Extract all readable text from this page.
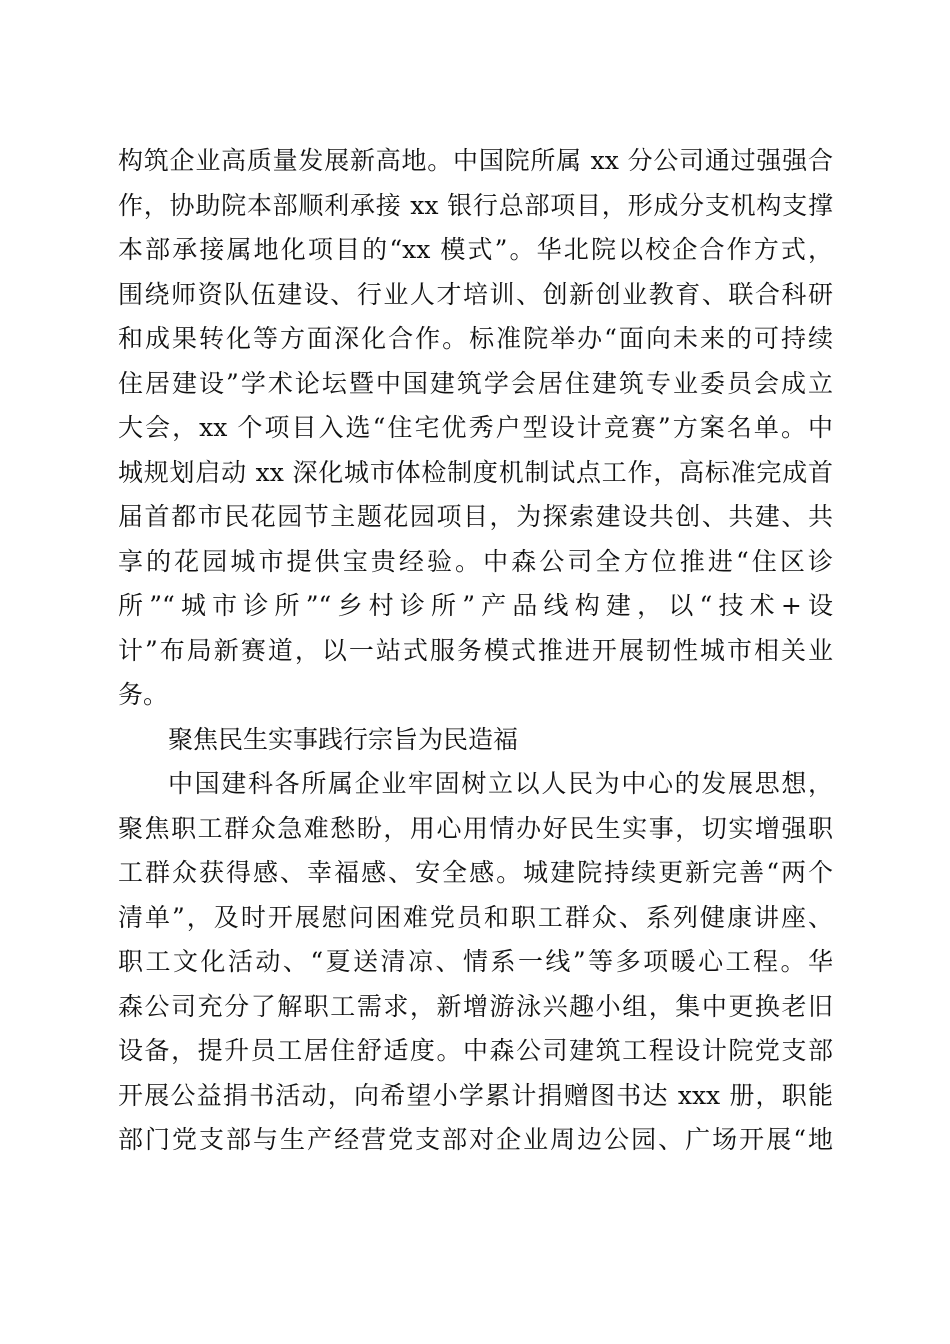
构筑企业高质量发展新高地。中国院所属 xx 分公司通过强强合
作，协助院本部顺利承接 xx 银行总部项目，形成分支机构支撑
本部承接属地化项目的“xx 模式”。华北院以校企合作方式，
围绕师资队伍建设、行业人才培训、创新创业教育、联合科研
和成果转化等方面深化合作。标准院举办“面向未来的可持续
住居建设”学术论坛暨中国建筑学会居住建筑专业委员会成立
大会，xx 个项目入选“住宅优秀户型设计竞赛”方案名单。中
城规划启动 xx 深化城市体检制度机制试点工作，高标准完成首
届首都市民花园节主题花园项目，为探索建设共创、共建、共
享的花园城市提供宝贵经验。中森公司全方位推进“住区诊
所”“城市诊所”“乡村诊所”产品线构建，以“技术+设
计”布局新赛道，以一站式服务模式推进开展韧性城市相关业
务。
聚焦民生实事践行宗旨为民造福
中国建科各所属企业牢固树立以人民为中心的发展思想，
聚焦职工群众急难愁盼，用心用情办好民生实事，切实增强职
工群众获得感、幸福感、安全感。城建院持续更新完善“两个
清单”，及时开展慰问困难党员和职工群众、系列健康讲座、
职工文化活动、“夏送清凉、情系一线”等多项暖心工程。华
森公司充分了解职工需求，新增游泳兴趣小组，集中更换老旧
设备，提升员工居住舒适度。中森公司建筑工程设计院党支部
开展公益捐书活动，向希望小学累计捐赠图书达 xxx 册，职能
部门党支部与生产经营党支部对企业周边公园、广场开展“地
